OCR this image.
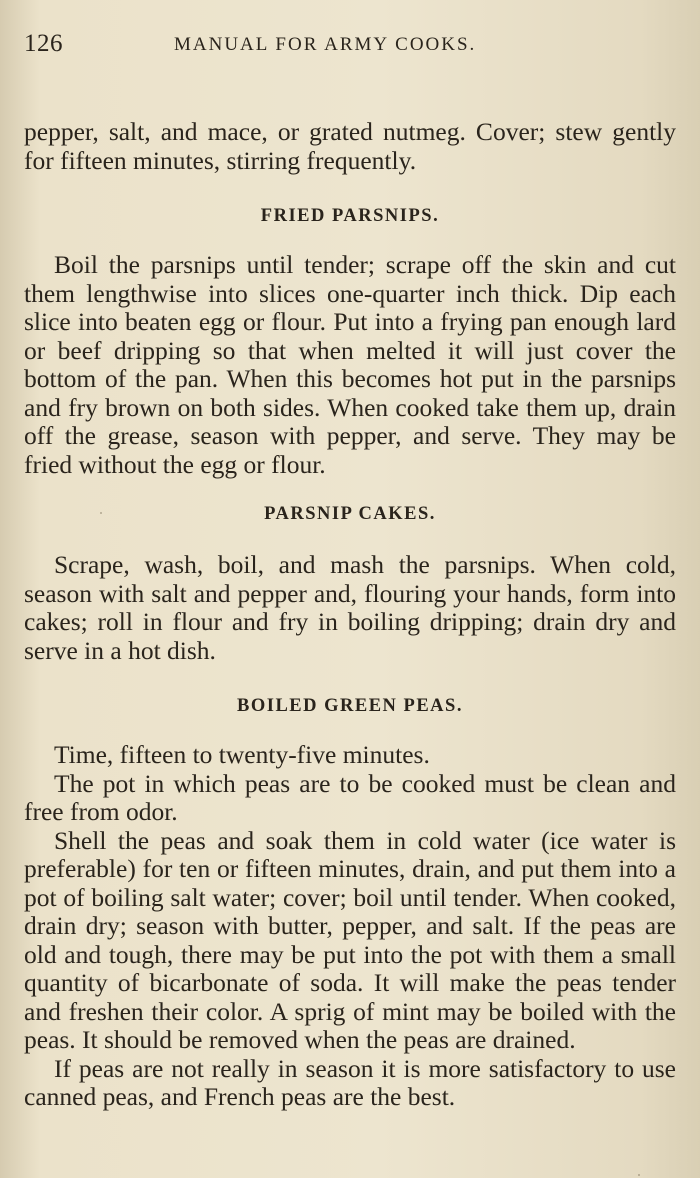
126	MANUAL FOR ARMY COOKS.

pepper, salt, and mace, or grated nutmeg. Cover; stew gently for fifteen minutes, stirring frequently.

FRIED PARSNIPS.

Boil the parsnips until tender; scrape off the skin and cut them lengthwise into slices one-quarter inch thick. Dip each slice into beaten egg or flour. Put into a frying pan enough lard or beef dripping so that when melted it will just cover the bottom of the pan. When this becomes hot put in the parsnips and fry brown on both sides. When cooked take them up, drain off the grease, season with pepper, and serve. They may be fried without the egg or flour.

PARSNIP CAKES.

Scrape, wash, boil, and mash the parsnips. When cold, season with salt and pepper and, flouring your hands, form into cakes; roll in flour and fry in boiling dripping; drain dry and serve in a hot dish.

BOILED GREEN PEAS.

Time, fifteen to twenty-five minutes.

The pot in which peas are to be cooked must be clean and free from odor.

Shell the peas and soak them in cold water (ice water is preferable) for ten or fifteen minutes, drain, and put them into a pot of boiling salt water; cover; boil until tender. When cooked, drain dry; season with butter, pepper, and salt. If the peas are old and tough, there may be put into the pot with them a small quantity of bicarbonate of soda. It will make the peas tender and freshen their color. A sprig of mint may be boiled with the peas. It should be removed when the peas are drained.

If peas are not really in season it is more satisfactory to use canned peas, and French peas are the best.
